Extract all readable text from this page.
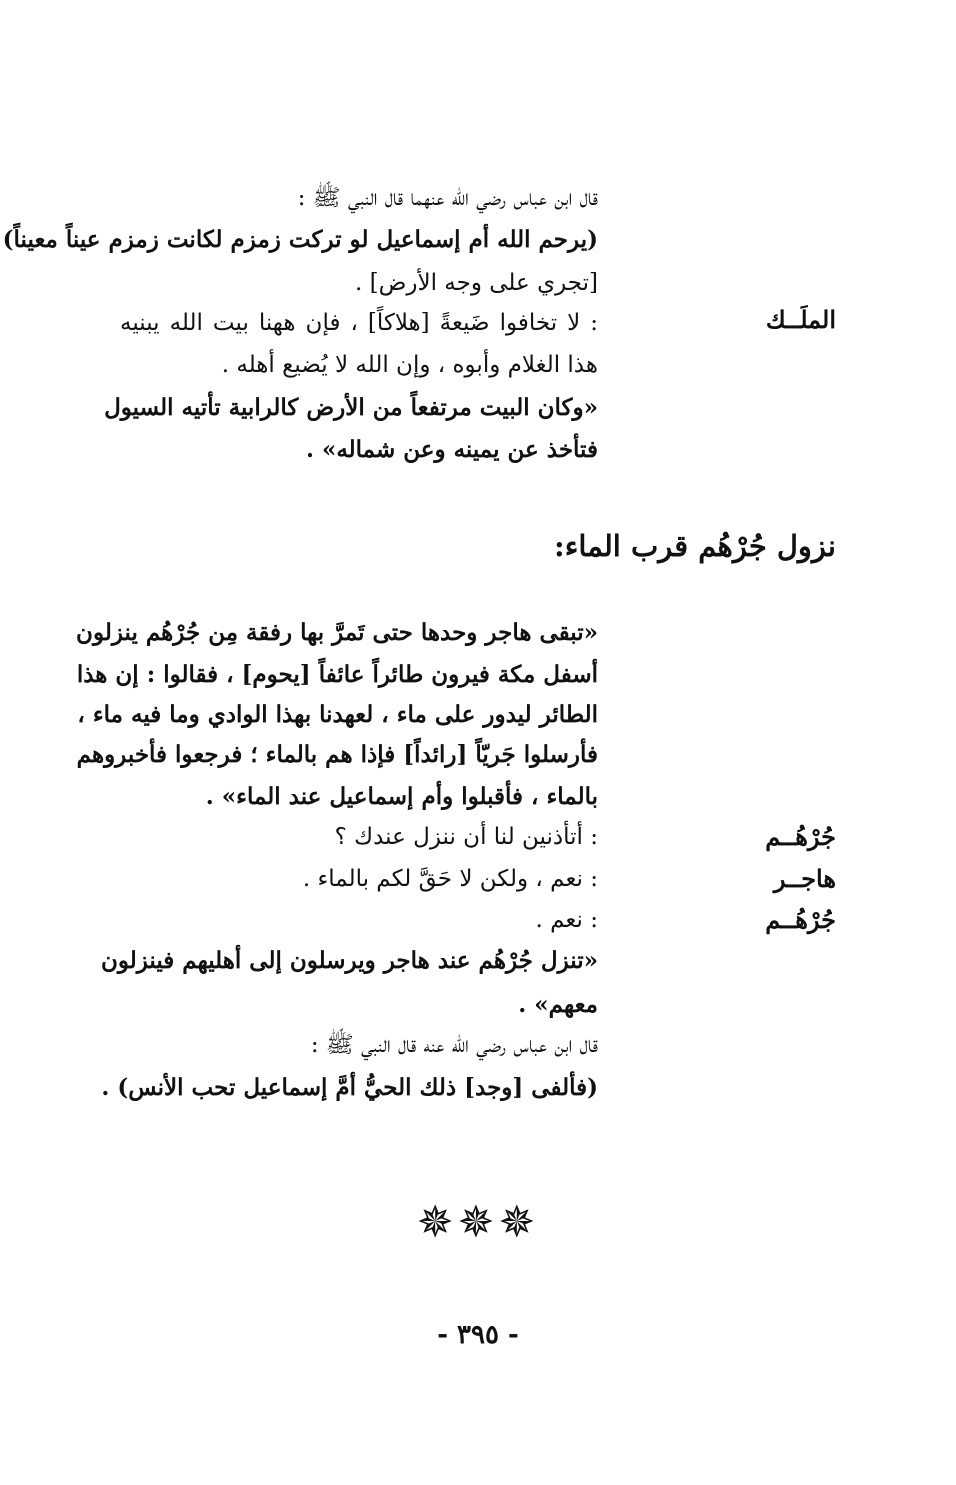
قال ابن عباس رضي الله عنهما قال النبي ﷺ :
(يرحم الله أم إسماعيل لو تركت زمزم لكانت زمزم عيناً معيناً)
[تجري على وجه الأرض] .
الملَــك
: لا تخافوا ضَيعةً [هلاكاً] ، فإن ههنا بيت الله يبنيه
هذا الغلام وأبوه ، وإن الله لا يُضيع أهله .
«وكان البيت مرتفعاً من الأرض كالرابية تأتيه السيول
فتأخذ عن يمينه وعن شماله» .
نزول جُرْهُم قرب الماء:
«تبقى هاجر وحدها حتى تَمرَّ بها رفقة مِن جُرْهُم ينزلون
أسفل مكة فيرون طائراً عائفاً [يحوم] ، فقالوا : إن هذا
الطائر ليدور على ماء ، لعهدنا بهذا الوادي وما فيه ماء ،
فأرسلوا جَريّاً [رائداً] فإذا هم بالماء ؛ فرجعوا فأخبروهم
بالماء ، فأقبلوا وأم إسماعيل عند الماء» .
جُرْهُــم
: أتأذنين لنا أن ننزل عندك ؟
هاجــر
: نعم ، ولكن لا حَقَّ لكم بالماء .
جُرْهُــم
: نعم .
«تنزل جُرْهُم عند هاجر ويرسلون إلى أهليهم فينزلون
معهم» .
قال ابن عباس رضي الله عنه قال النبي ﷺ :
(فألفى [وجد] ذلك الحيُّ أمَّ إسماعيل تحب الأنس) .
✵✵✵
- ٣٩٥ -
